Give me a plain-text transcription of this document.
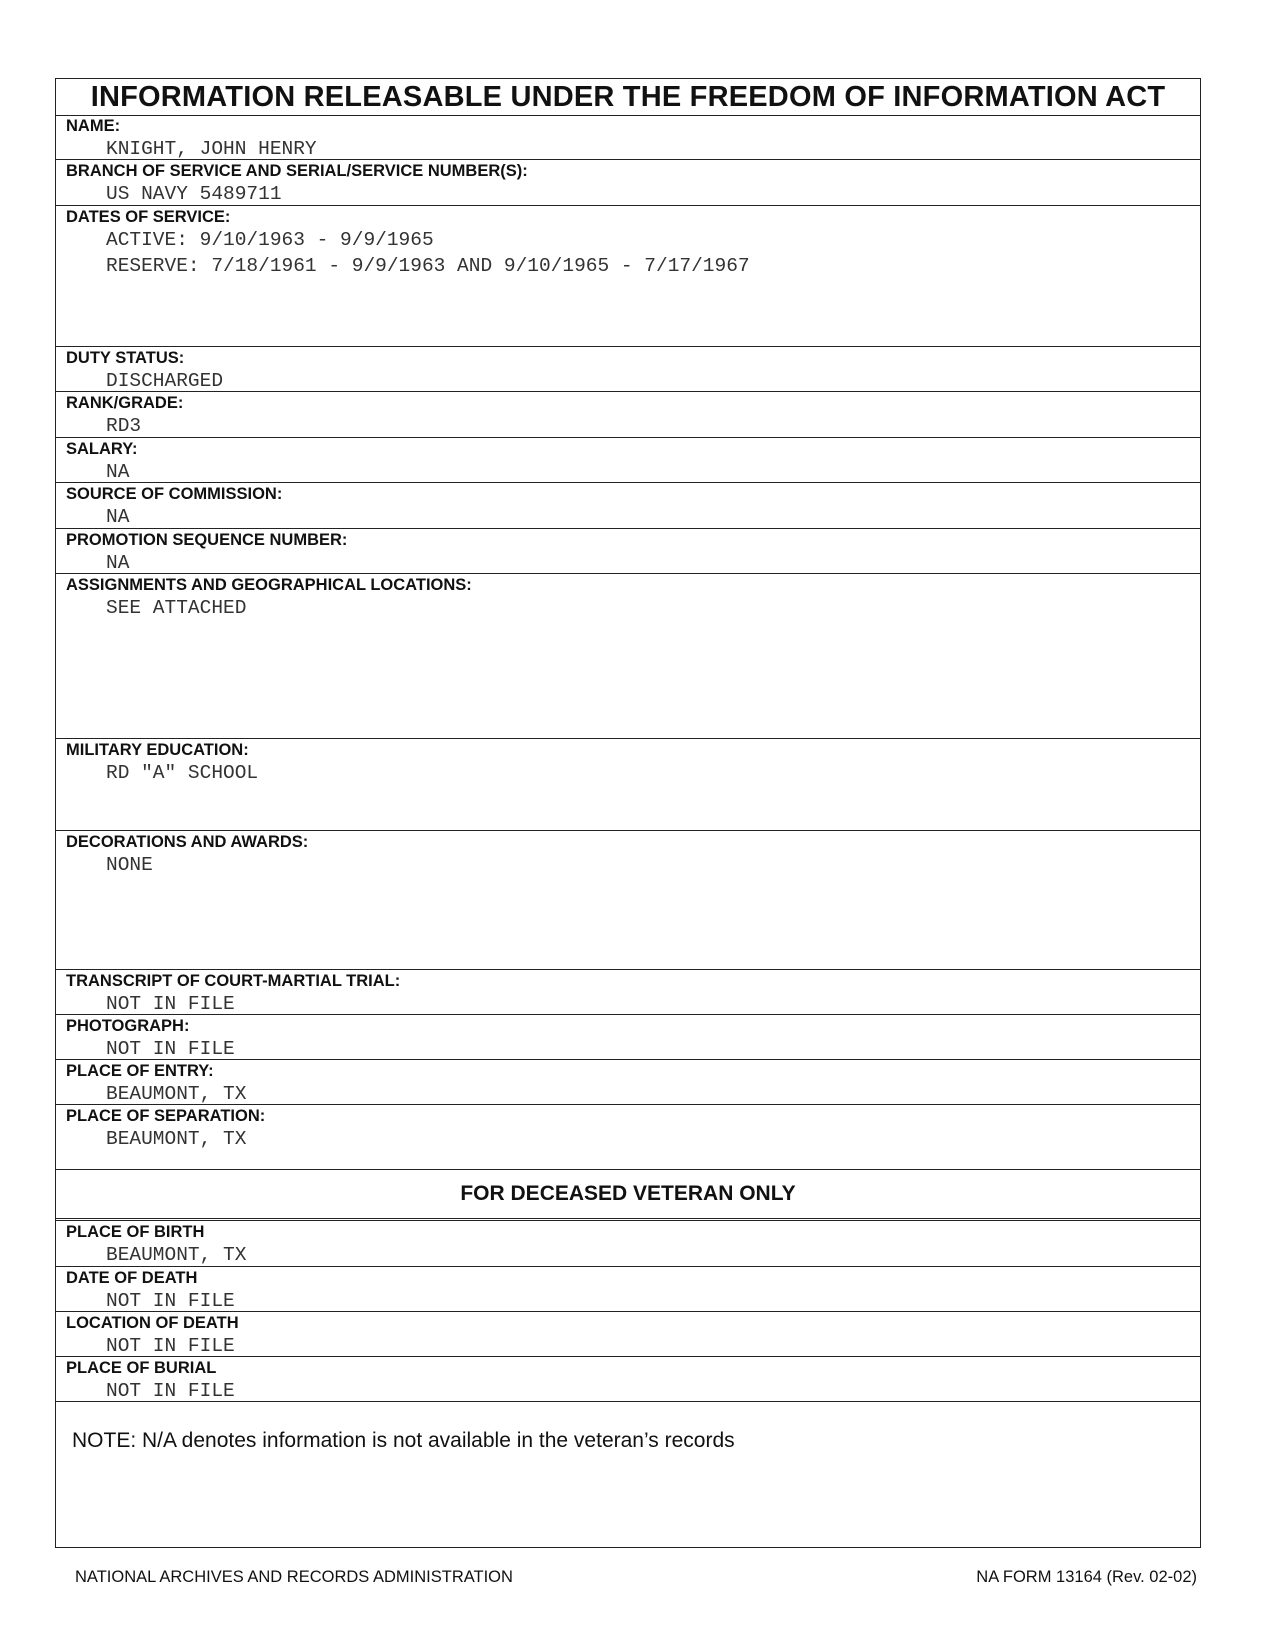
INFORMATION RELEASABLE UNDER THE FREEDOM OF INFORMATION ACT
NAME:
KNIGHT, JOHN HENRY
BRANCH OF SERVICE AND SERIAL/SERVICE NUMBER(S):
US NAVY 5489711
DATES OF SERVICE:
ACTIVE: 9/10/1963 - 9/9/1965
RESERVE: 7/18/1961 - 9/9/1963 AND 9/10/1965 - 7/17/1967
DUTY STATUS:
DISCHARGED
RANK/GRADE:
RD3
SALARY:
NA
SOURCE OF COMMISSION:
NA
PROMOTION SEQUENCE NUMBER:
NA
ASSIGNMENTS AND GEOGRAPHICAL LOCATIONS:
SEE ATTACHED
MILITARY EDUCATION:
RD "A" SCHOOL
DECORATIONS AND AWARDS:
NONE
TRANSCRIPT OF COURT-MARTIAL TRIAL:
NOT IN FILE
PHOTOGRAPH:
NOT IN FILE
PLACE OF ENTRY:
BEAUMONT, TX
PLACE OF SEPARATION:
BEAUMONT, TX
FOR DECEASED VETERAN ONLY
PLACE OF BIRTH
BEAUMONT, TX
DATE OF DEATH
NOT IN FILE
LOCATION OF DEATH
NOT IN FILE
PLACE OF BURIAL
NOT IN FILE
NOTE: N/A denotes information is not available in the veteran’s records
NATIONAL ARCHIVES AND RECORDS ADMINISTRATION	NA FORM 13164 (Rev. 02-02)
